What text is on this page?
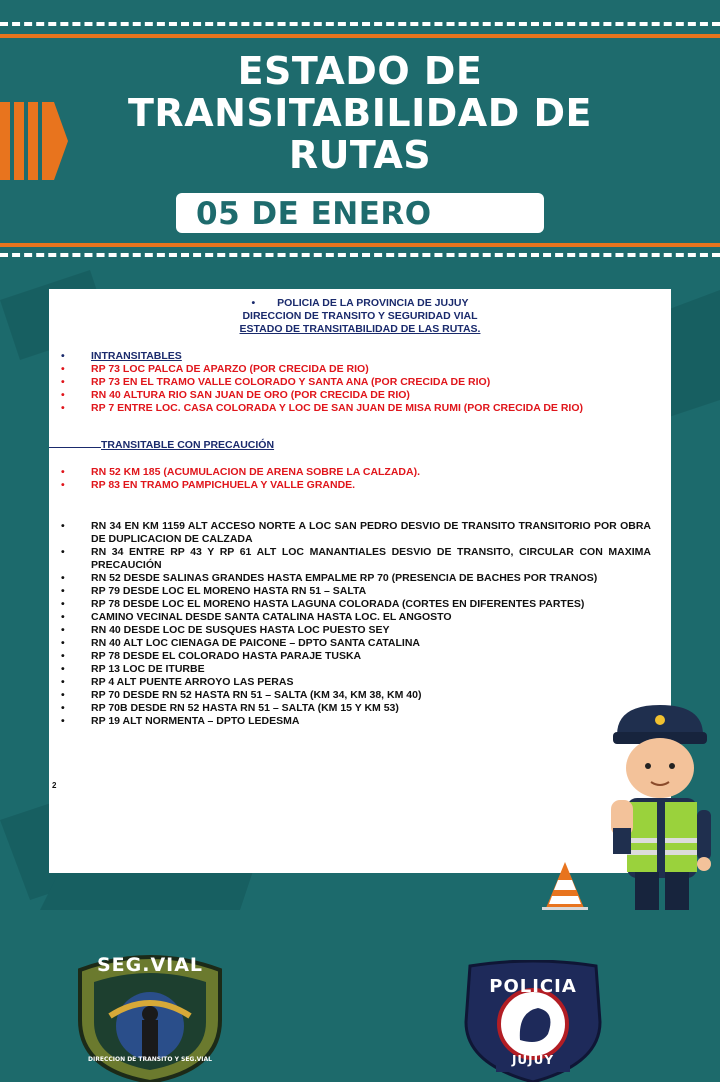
ESTADO DE
TRANSITABILIDAD DE
RUTAS
05 DE ENERO
• POLICIA DE LA PROVINCIA DE JUJUY
DIRECCION DE TRANSITO Y SEGURIDAD VIAL
ESTADO DE TRANSITABILIDAD DE LAS RUTAS.
•	INTRANSITABLES
•	RP 73 LOC PALCA DE APARZO (POR CRECIDA DE RIO)
•	RP 73 EN EL TRAMO VALLE COLORADO Y SANTA ANA (POR CRECIDA DE RIO)
•	RN 40 ALTURA RIO SAN JUAN DE ORO (POR CRECIDA DE RIO)
•	RP 7 ENTRE LOC. CASA COLORADA Y LOC DE SAN JUAN DE MISA RUMI (POR CRECIDA DE RIO)
TRANSITABLE CON PRECAUCIÓN
•	RN 52 KM 185 (ACUMULACION DE ARENA SOBRE LA CALZADA).
•	RP 83 EN TRAMO PAMPICHUELA Y VALLE GRANDE.
•	RN 34 EN KM 1159 ALT ACCESO NORTE A LOC SAN PEDRO DESVIO DE TRANSITO TRANSITORIO POR OBRA DE DUPLICACION DE CALZADA
•	RN 34 ENTRE RP 43 Y RP 61 ALT LOC MANANTIALES DESVIO DE TRANSITO, CIRCULAR CON MAXIMA PRECAUCIÓN
•	RN 52 DESDE SALINAS GRANDES HASTA EMPALME RP 70 (PRESENCIA DE BACHES POR TRANOS)
•	RP 79 DESDE LOC EL MORENO HASTA RN 51 – SALTA
•	RP 78 DESDE LOC EL MORENO HASTA LAGUNA COLORADA (CORTES EN DIFERENTES PARTES)
•	CAMINO VECINAL DESDE SANTA CATALINA HASTA LOC. EL ANGOSTO
•	RN 40 DESDE LOC DE SUSQUES HASTA LOC PUESTO SEY
•	RN 40 ALT LOC CIENAGA DE PAICONE – DPTO SANTA CATALINA
•	RP 78 DESDE EL COLORADO HASTA PARAJE TUSKA
•	RP 13 LOC DE ITURBE
•	RP 4 ALT PUENTE ARROYO LAS PERAS
•	RP 70 DESDE RN 52 HASTA RN 51 – SALTA (KM 34, KM 38, KM 40)
•	RP 70B DESDE RN 52 HASTA RN 51 – SALTA (KM 15 Y KM 53)
•	RP 19 ALT NORMENTA – DPTO LEDESMA
2
SEG.VIAL
DIRECCION DE TRANSITO Y SEG.VIAL
POLICIA
JUJUY
